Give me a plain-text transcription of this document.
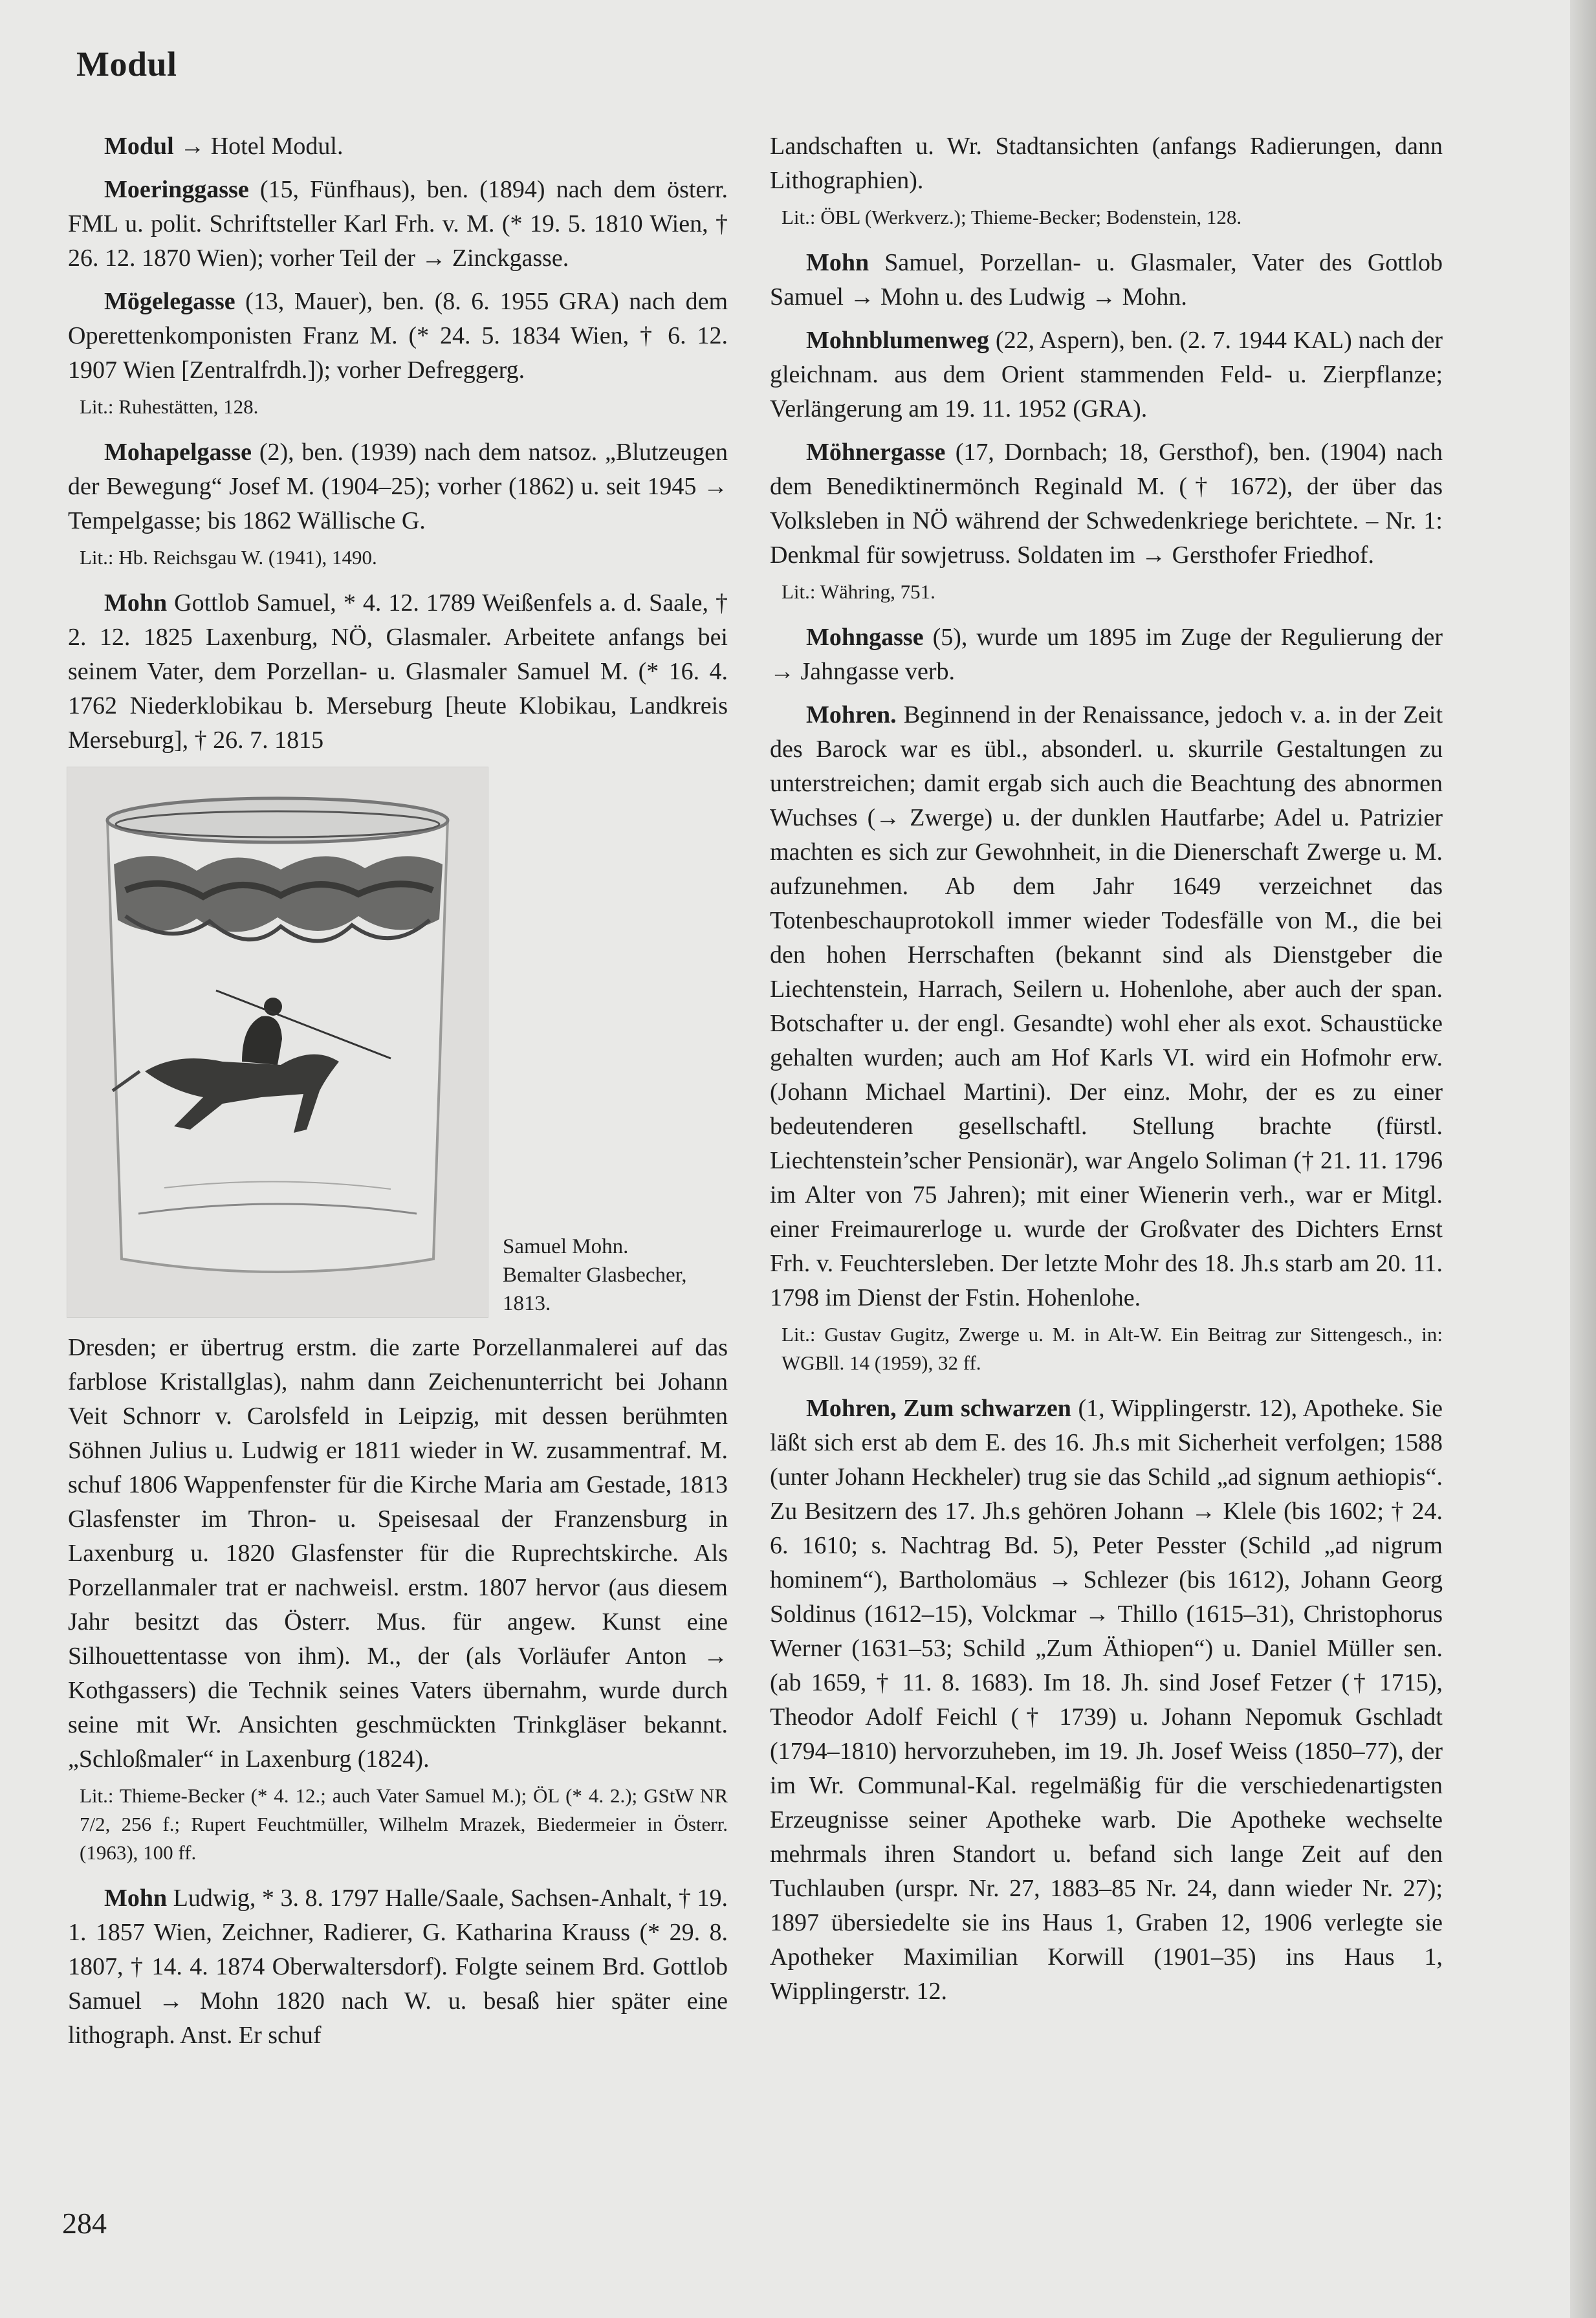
Modul

Modul → Hotel Modul.

Moeringgasse (15, Fünfhaus), ben. (1894) nach dem österr. FML u. polit. Schriftsteller Karl Frh. v. M. (* 19. 5. 1810 Wien, † 26. 12. 1870 Wien); vorher Teil der → Zinckgasse.

Mögelegasse (13, Mauer), ben. (8. 6. 1955 GRA) nach dem Operettenkomponisten Franz M. (* 24. 5. 1834 Wien, † 6. 12. 1907 Wien [Zentralfrdh.]); vorher Defreggerg.

Lit.: Ruhestätten, 128.

Mohapelgasse (2), ben. (1939) nach dem natsoz. „Blutzeugen der Bewegung“ Josef M. (1904–25); vorher (1862) u. seit 1945 → Tempelgasse; bis 1862 Wällische G.

Lit.: Hb. Reichsgau W. (1941), 1490.

Mohn Gottlob Samuel, * 4. 12. 1789 Weißenfels a. d. Saale, † 2. 12. 1825 Laxenburg, NÖ, Glasmaler. Arbeitete anfangs bei seinem Vater, dem Porzellan- u. Glasmaler Samuel M. (* 16. 4. 1762 Niederklobikau b. Merseburg [heute Klobikau, Landkreis Merseburg], † 26. 7. 1815

Samuel Mohn.
Bemalter Glasbecher,
1813.

Dresden; er übertrug erstm. die zarte Porzellanmalerei auf das farblose Kristallglas), nahm dann Zeichenunterricht bei Johann Veit Schnorr v. Carolsfeld in Leipzig, mit dessen berühmten Söhnen Julius u. Ludwig er 1811 wieder in W. zusammentraf. M. schuf 1806 Wappenfenster für die Kirche Maria am Gestade, 1813 Glasfenster im Thron- u. Speisesaal der Franzensburg in Laxenburg u. 1820 Glasfenster für die Ruprechtskirche. Als Porzellanmaler trat er nachweisl. erstm. 1807 hervor (aus diesem Jahr besitzt das Österr. Mus. für angew. Kunst eine Silhouettentasse von ihm). M., der (als Vorläufer Anton → Kothgassers) die Technik seines Vaters übernahm, wurde durch seine mit Wr. Ansichten geschmückten Trinkgläser bekannt. „Schloßmaler“ in Laxenburg (1824).

Lit.: Thieme-Becker (* 4. 12.; auch Vater Samuel M.); ÖL (* 4. 2.); GStW NR 7/2, 256 f.; Rupert Feuchtmüller, Wilhelm Mrazek, Biedermeier in Österr. (1963), 100 ff.

Mohn Ludwig, * 3. 8. 1797 Halle/Saale, Sachsen-Anhalt, † 19. 1. 1857 Wien, Zeichner, Radierer, G. Katharina Krauss (* 29. 8. 1807, † 14. 4. 1874 Oberwaltersdorf). Folgte seinem Brd. Gottlob Samuel → Mohn 1820 nach W. u. besaß hier später eine lithograph. Anst. Er schuf

Landschaften u. Wr. Stadtansichten (anfangs Radierungen, dann Lithographien).

Lit.: ÖBL (Werkverz.); Thieme-Becker; Bodenstein, 128.

Mohn Samuel, Porzellan- u. Glasmaler, Vater des Gottlob Samuel → Mohn u. des Ludwig → Mohn.

Mohnblumenweg (22, Aspern), ben. (2. 7. 1944 KAL) nach der gleichnam. aus dem Orient stammenden Feld- u. Zierpflanze; Verlängerung am 19. 11. 1952 (GRA).

Möhnergasse (17, Dornbach; 18, Gersthof), ben. (1904) nach dem Benediktinermönch Reginald M. († 1672), der über das Volksleben in NÖ während der Schwedenkriege berichtete. – Nr. 1: Denkmal für sowjetruss. Soldaten im → Gersthofer Friedhof.

Lit.: Währing, 751.

Mohngasse (5), wurde um 1895 im Zuge der Regulierung der → Jahngasse verb.

Mohren. Beginnend in der Renaissance, jedoch v. a. in der Zeit des Barock war es übl., absonderl. u. skurrile Gestaltungen zu unterstreichen; damit ergab sich auch die Beachtung des abnormen Wuchses (→ Zwerge) u. der dunklen Hautfarbe; Adel u. Patrizier machten es sich zur Gewohnheit, in die Dienerschaft Zwerge u. M. aufzunehmen. Ab dem Jahr 1649 verzeichnet das Totenbeschauprotokoll immer wieder Todesfälle von M., die bei den hohen Herrschaften (bekannt sind als Dienstgeber die Liechtenstein, Harrach, Seilern u. Hohenlohe, aber auch der span. Botschafter u. der engl. Gesandte) wohl eher als exot. Schaustücke gehalten wurden; auch am Hof Karls VI. wird ein Hofmohr erw. (Johann Michael Martini). Der einz. Mohr, der es zu einer bedeutenderen gesellschaftl. Stellung brachte (fürstl. Liechtenstein’scher Pensionär), war Angelo Soliman († 21. 11. 1796 im Alter von 75 Jahren); mit einer Wienerin verh., war er Mitgl. einer Freimaurerloge u. wurde der Großvater des Dichters Ernst Frh. v. Feuchtersleben. Der letzte Mohr des 18. Jh.s starb am 20. 11. 1798 im Dienst der Fstin. Hohenlohe.

Lit.: Gustav Gugitz, Zwerge u. M. in Alt-W. Ein Beitrag zur Sittengesch., in: WGBll. 14 (1959), 32 ff.

Mohren, Zum schwarzen (1, Wipplingerstr. 12), Apotheke. Sie läßt sich erst ab dem E. des 16. Jh.s mit Sicherheit verfolgen; 1588 (unter Johann Heckheler) trug sie das Schild „ad signum aethiopis“. Zu Besitzern des 17. Jh.s gehören Johann → Klele (bis 1602; † 24. 6. 1610; s. Nachtrag Bd. 5), Peter Pesster (Schild „ad nigrum hominem“), Bartholomäus → Schlezer (bis 1612), Johann Georg Soldinus (1612–15), Volckmar → Thillo (1615–31), Christophorus Werner (1631–53; Schild „Zum Äthiopen“) u. Daniel Müller sen. (ab 1659, † 11. 8. 1683). Im 18. Jh. sind Josef Fetzer († 1715), Theodor Adolf Feichl († 1739) u. Johann Nepomuk Gschladt (1794–1810) hervorzuheben, im 19. Jh. Josef Weiss (1850–77), der im Wr. Communal-Kal. regelmäßig für die verschiedenartigsten Erzeugnisse seiner Apotheke warb. Die Apotheke wechselte mehrmals ihren Standort u. befand sich lange Zeit auf den Tuchlauben (urspr. Nr. 27, 1883–85 Nr. 24, dann wieder Nr. 27); 1897 übersiedelte sie ins Haus 1, Graben 12, 1906 verlegte sie Apotheker Maximilian Korwill (1901–35) ins Haus 1, Wipplingerstr. 12.

284
